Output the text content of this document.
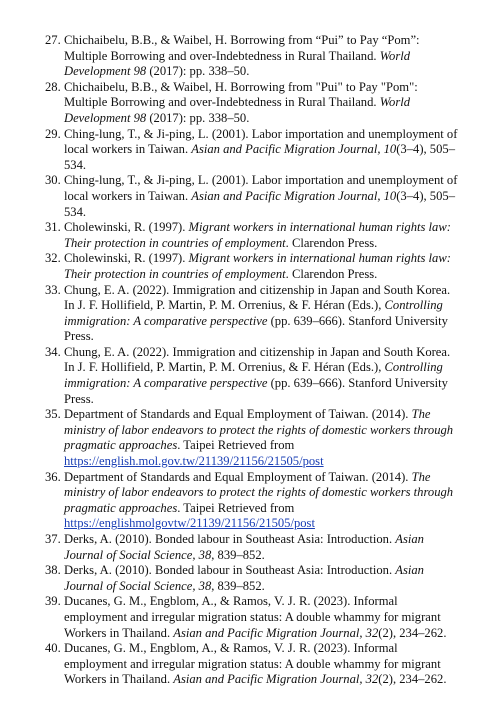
27. Chichaibelu, B.B., & Waibel, H. Borrowing from “Pui” to Pay “Pom”: Multiple Borrowing and over-Indebtedness in Rural Thailand. World Development 98 (2017): pp. 338–50.
28. Chichaibelu, B.B., & Waibel, H. Borrowing from "Pui" to Pay "Pom": Multiple Borrowing and over-Indebtedness in Rural Thailand. World Development 98 (2017): pp. 338–50.
29. Ching-lung, T., & Ji-ping, L. (2001). Labor importation and unemployment of local workers in Taiwan. Asian and Pacific Migration Journal, 10(3–4), 505–534.
30. Ching-lung, T., & Ji-ping, L. (2001). Labor importation and unemployment of local workers in Taiwan. Asian and Pacific Migration Journal, 10(3–4), 505–534.
31. Cholewinski, R. (1997). Migrant workers in international human rights law: Their protection in countries of employment. Clarendon Press.
32. Cholewinski, R. (1997). Migrant workers in international human rights law: Their protection in countries of employment. Clarendon Press.
33. Chung, E. A. (2022). Immigration and citizenship in Japan and South Korea. In J. F. Hollifield, P. Martin, P. M. Orrenius, & F. Héran (Eds.), Controlling immigration: A comparative perspective (pp. 639–666). Stanford University Press.
34. Chung, E. A. (2022). Immigration and citizenship in Japan and South Korea. In J. F. Hollifield, P. Martin, P. M. Orrenius, & F. Héran (Eds.), Controlling immigration: A comparative perspective (pp. 639–666). Stanford University Press.
35. Department of Standards and Equal Employment of Taiwan. (2014). The ministry of labor endeavors to protect the rights of domestic workers through pragmatic approaches. Taipei Retrieved from https://english.mol.gov.tw/21139/21156/21505/post
36. Department of Standards and Equal Employment of Taiwan. (2014). The ministry of labor endeavors to protect the rights of domestic workers through pragmatic approaches. Taipei Retrieved from https://englishmolgovtw/21139/21156/21505/post
37. Derks, A. (2010). Bonded labour in Southeast Asia: Introduction. Asian Journal of Social Science, 38, 839–852.
38. Derks, A. (2010). Bonded labour in Southeast Asia: Introduction. Asian Journal of Social Science, 38, 839–852.
39. Ducanes, G. M., Engblom, A., & Ramos, V. J. R. (2023). Informal employment and irregular migration status: A double whammy for migrant Workers in Thailand. Asian and Pacific Migration Journal, 32(2), 234–262.
40. Ducanes, G. M., Engblom, A., & Ramos, V. J. R. (2023). Informal employment and irregular migration status: A double whammy for migrant Workers in Thailand. Asian and Pacific Migration Journal, 32(2), 234–262.
